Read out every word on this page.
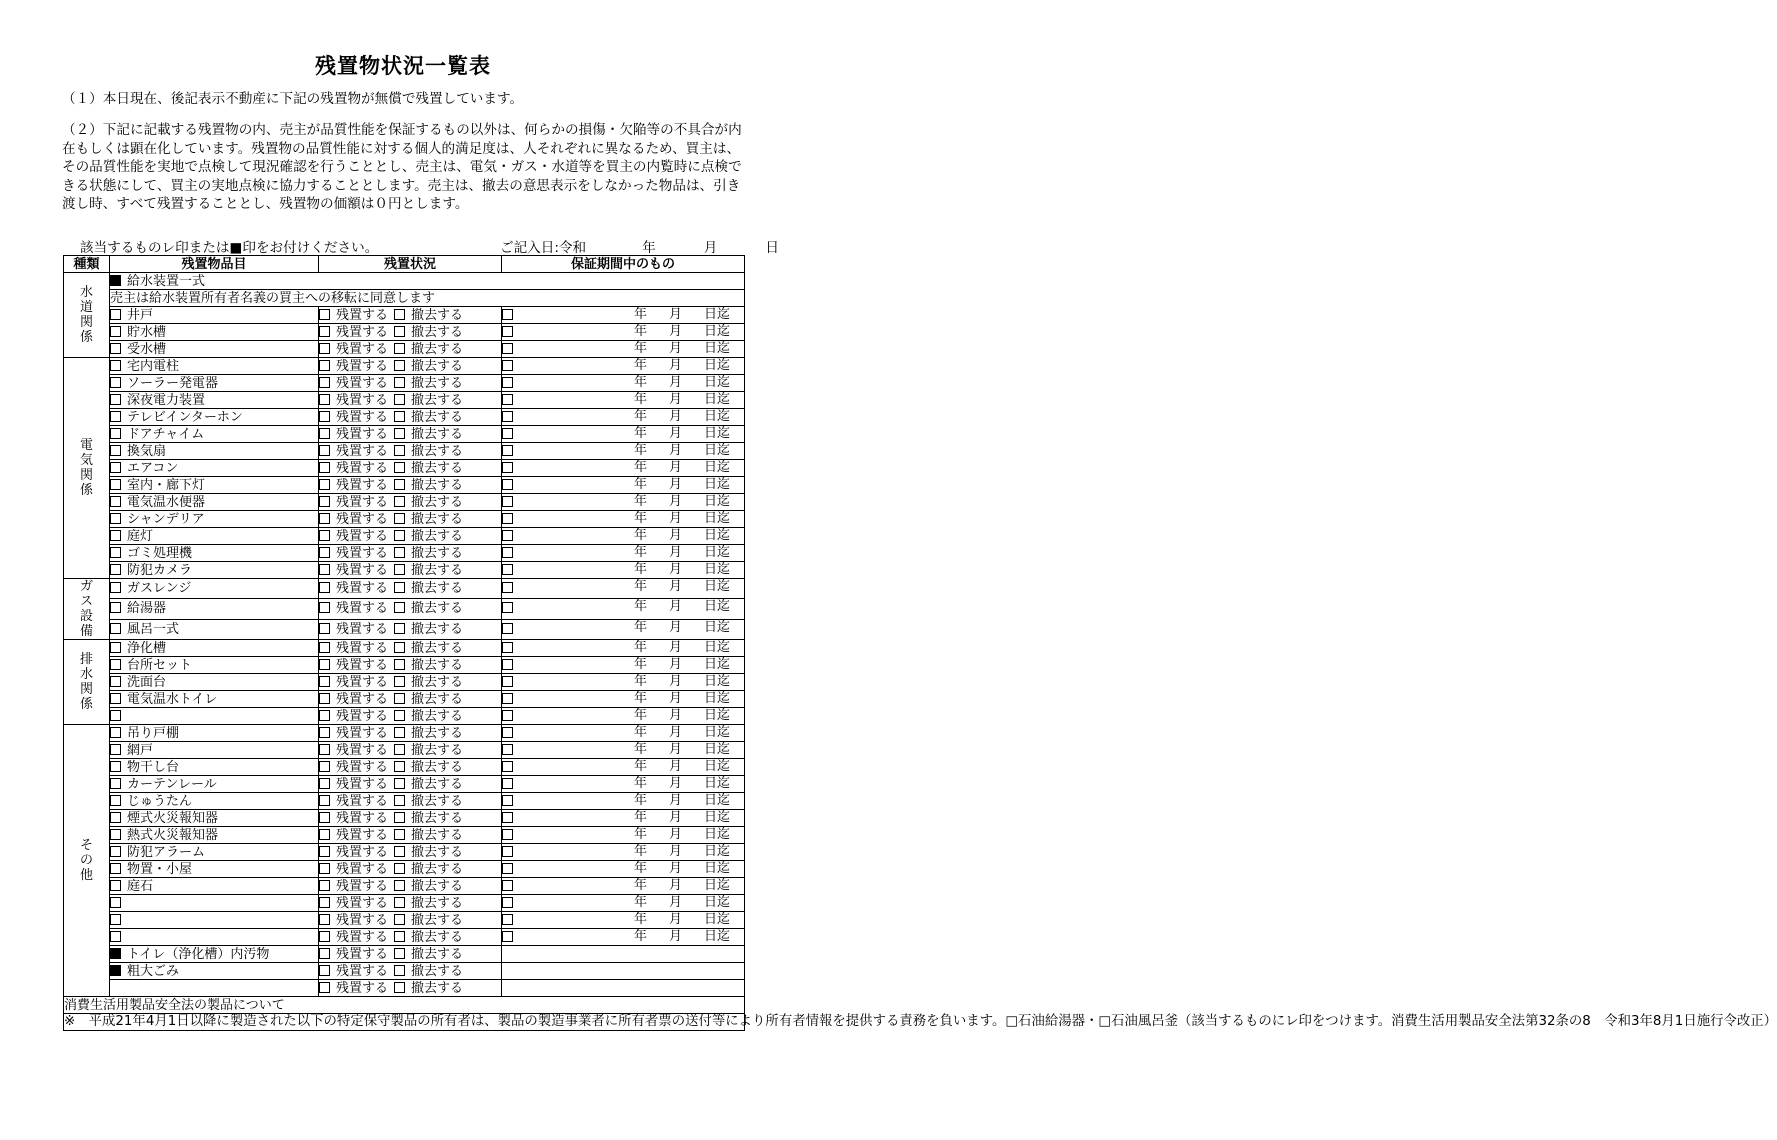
残置物状況一覧表
（１）本日現在、後記表示不動産に下記の残置物が無償で残置しています。
（２）下記に記載する残置物の内、売主が品質性能を保証するもの以外は、何らかの損傷・欠陥等の不具合が内在もしくは顕在化しています。残置物の品質性能に対する個人的満足度は、人それぞれに異なるため、買主は、その品質性能を実地で点検して現況確認を行うこととし、売主は、電気・ガス・水道等を買主の内覧時に点検できる状態にして、買主の実地点検に協力することとします。売主は、撤去の意思表示をしなかった物品は、引き渡し時、すべて残置することとし、残置物の価額は０円とします。
該当するものレ印または■印をお付けください。	ご記入日:令和	年	月	日
種類	残置物品目	残置状況	保証期間中のもの
水道関係	給水装置一式		
	売主は給水装置所有者名義の買主への移転に同意します		
	井戸	残置する 撤去する	年 月 日迄

	貯水槽	残置する 撤去する	年 月 日迄

	受水槽	残置する 撤去する	年 月 日迄

電気関係	宅内電柱	残置する 撤去する	年 月 日迄

	ソーラー発電器	残置する 撤去する	年 月 日迄

	深夜電力装置	残置する 撤去する	年 月 日迄

	テレビインターホン	残置する 撤去する	年 月 日迄

	ドアチャイム	残置する 撤去する	年 月 日迄

	換気扇	残置する 撤去する	年 月 日迄

	エアコン	残置する 撤去する	年 月 日迄

	室内・廊下灯	残置する 撤去する	年 月 日迄

	電気温水便器	残置する 撤去する	年 月 日迄

	シャンデリア	残置する 撤去する	年 月 日迄

	庭灯	残置する 撤去する	年 月 日迄

	ゴミ処理機	残置する 撤去する	年 月 日迄

	防犯カメラ	残置する 撤去する	年 月 日迄

ガス設備	ガスレンジ	残置する 撤去する	年 月 日迄

	給湯器	残置する 撤去する	年 月 日迄

	風呂一式	残置する 撤去する	年 月 日迄

排水関係	浄化槽	残置する 撤去する	年 月 日迄

	台所セット	残置する 撤去する	年 月 日迄

	洗面台	残置する 撤去する	年 月 日迄

	電気温水トイレ	残置する 撤去する	年 月 日迄

		残置する 撤去する	年 月 日迄

その他	吊り戸棚	残置する 撤去する	年 月 日迄

	網戸	残置する 撤去する	年 月 日迄

	物干し台	残置する 撤去する	年 月 日迄

	カーテンレール	残置する 撤去する	年 月 日迄

	じゅうたん	残置する 撤去する	年 月 日迄

	煙式火災報知器	残置する 撤去する	年 月 日迄

	熱式火災報知器	残置する 撤去する	年 月 日迄

	防犯アラーム	残置する 撤去する	年 月 日迄

	物置・小屋	残置する 撤去する	年 月 日迄

	庭石	残置する 撤去する	年 月 日迄

		残置する 撤去する	年 月 日迄

		残置する 撤去する	年 月 日迄

		残置する 撤去する	年 月 日迄

	トイレ（浄化槽）内汚物	残置する 撤去する	
	粗大ごみ	残置する 撤去する	
		残置する 撤去する	
消費生活用製品安全法の製品について			
※　平成21年4月1日以降に製造された以下の特定保守製品の所有者は、製品の製造事業者に所有者票の送付等により所有者情報を提供する責務を負います。□石油給湯器・□石油風呂釜（該当するものにレ印をつけます。消費生活用製品安全法第32条の8　令和3年8月1日施行令改正）			
